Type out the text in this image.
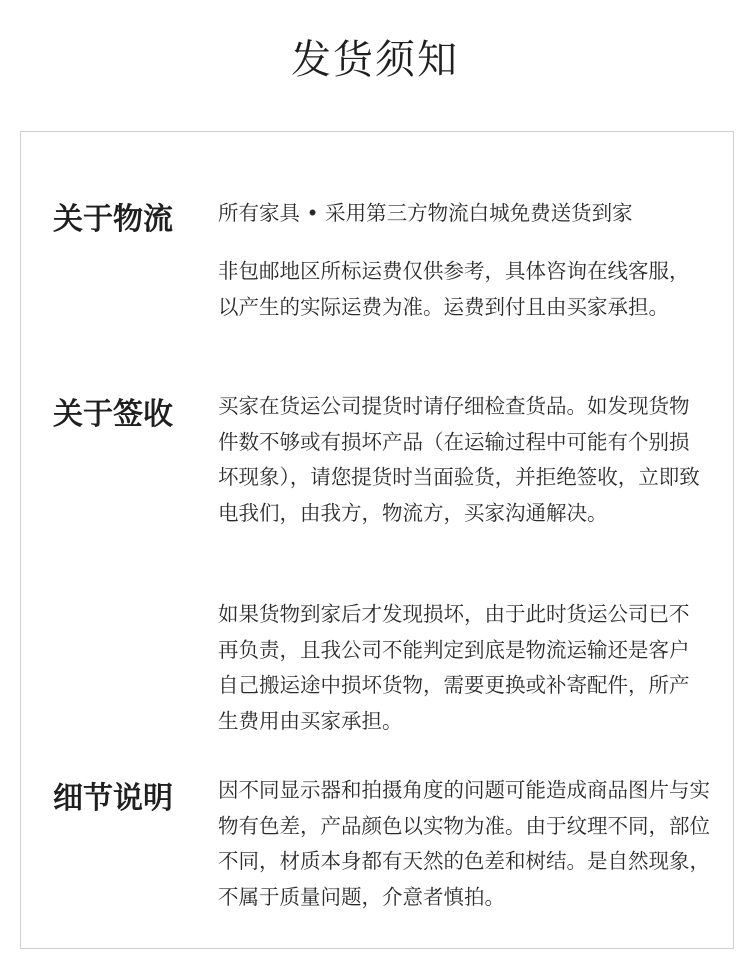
发货须知
关于物流 所有家具 • 采用第三方物流白城免费送货到家
非包邮地区所标运费仅供参考，具体咨询在线客服，以产生的实际运费为准。运费到付且由买家承担。
关于签收 买家在货运公司提货时请仔细检查货品。如发现货物件数不够或有损坏产品（在运输过程中可能有个别损坏现象），请您提货时当面验货，并拒绝签收，立即致电我们，由我方，物流方，买家沟通解决。
如果货物到家后才发现损坏，由于此时货运公司已不再负责，且我公司不能判定到底是物流运输还是客户自己搬运途中损坏货物，需要更换或补寄配件，所产生费用由买家承担。
细节说明 因不同显示器和拍摄角度的问题可能造成商品图片与实物有色差，产品颜色以实物为准。由于纹理不同，部位不同，材质本身都有天然的色差和树结。是自然现象，不属于质量问题，介意者慎拍。
